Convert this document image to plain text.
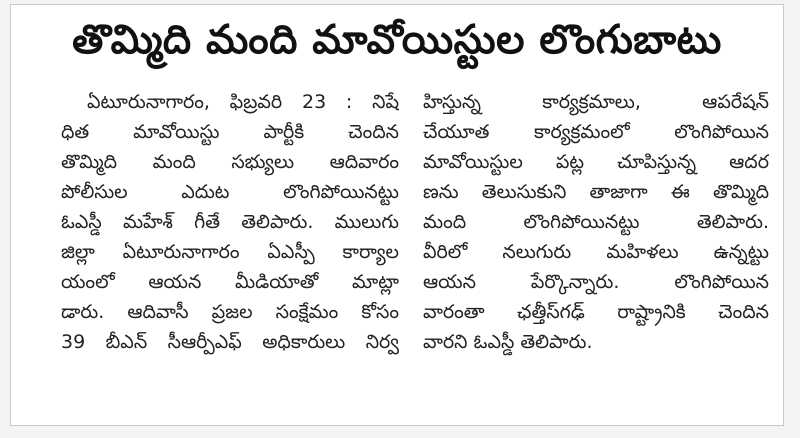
తొమ్మిది మంది మావోయిస్టుల లొంగుబాటు
ఏటూరునాగారం, ఫిబ్రవరి 23 : నిషే
ధిత మావోయిస్టు పార్టీకి చెందిన
తొమ్మిది మంది సభ్యులు ఆదివారం
పోలీసుల ఎదుట లొంగిపోయినట్టు
ఓఎస్డీ మహేశ్ గీతే తెలిపారు. ములుగు
జిల్లా ఏటూరునాగారం ఏఎస్పీ కార్యాల
యంలో ఆయన మీడియాతో మాట్లా
డారు. ఆదివాసీ ప్రజల సంక్షేమం కోసం
39 బీఎన్ సీఆర్పీఎఫ్ అధికారులు నిర్వ
హిస్తున్న కార్యక్రమాలు, ఆపరేషన్
చేయూత కార్యక్రమంలో లొంగిపోయిన
మావోయిస్టుల పట్ల చూపిస్తున్న ఆదర
ణను తెలుసుకుని తాజాగా ఈ తొమ్మిది
మంది లొంగిపోయినట్టు తెలిపారు.
వీరిలో నలుగురు మహిళలు ఉన్నట్టు
ఆయన పేర్కొన్నారు. లొంగిపోయిన
వారంతా ఛత్తీస్‌గఢ్ రాష్ట్రానికి చెందిన
వారని ఓఎస్డీ తెలిపారు.
